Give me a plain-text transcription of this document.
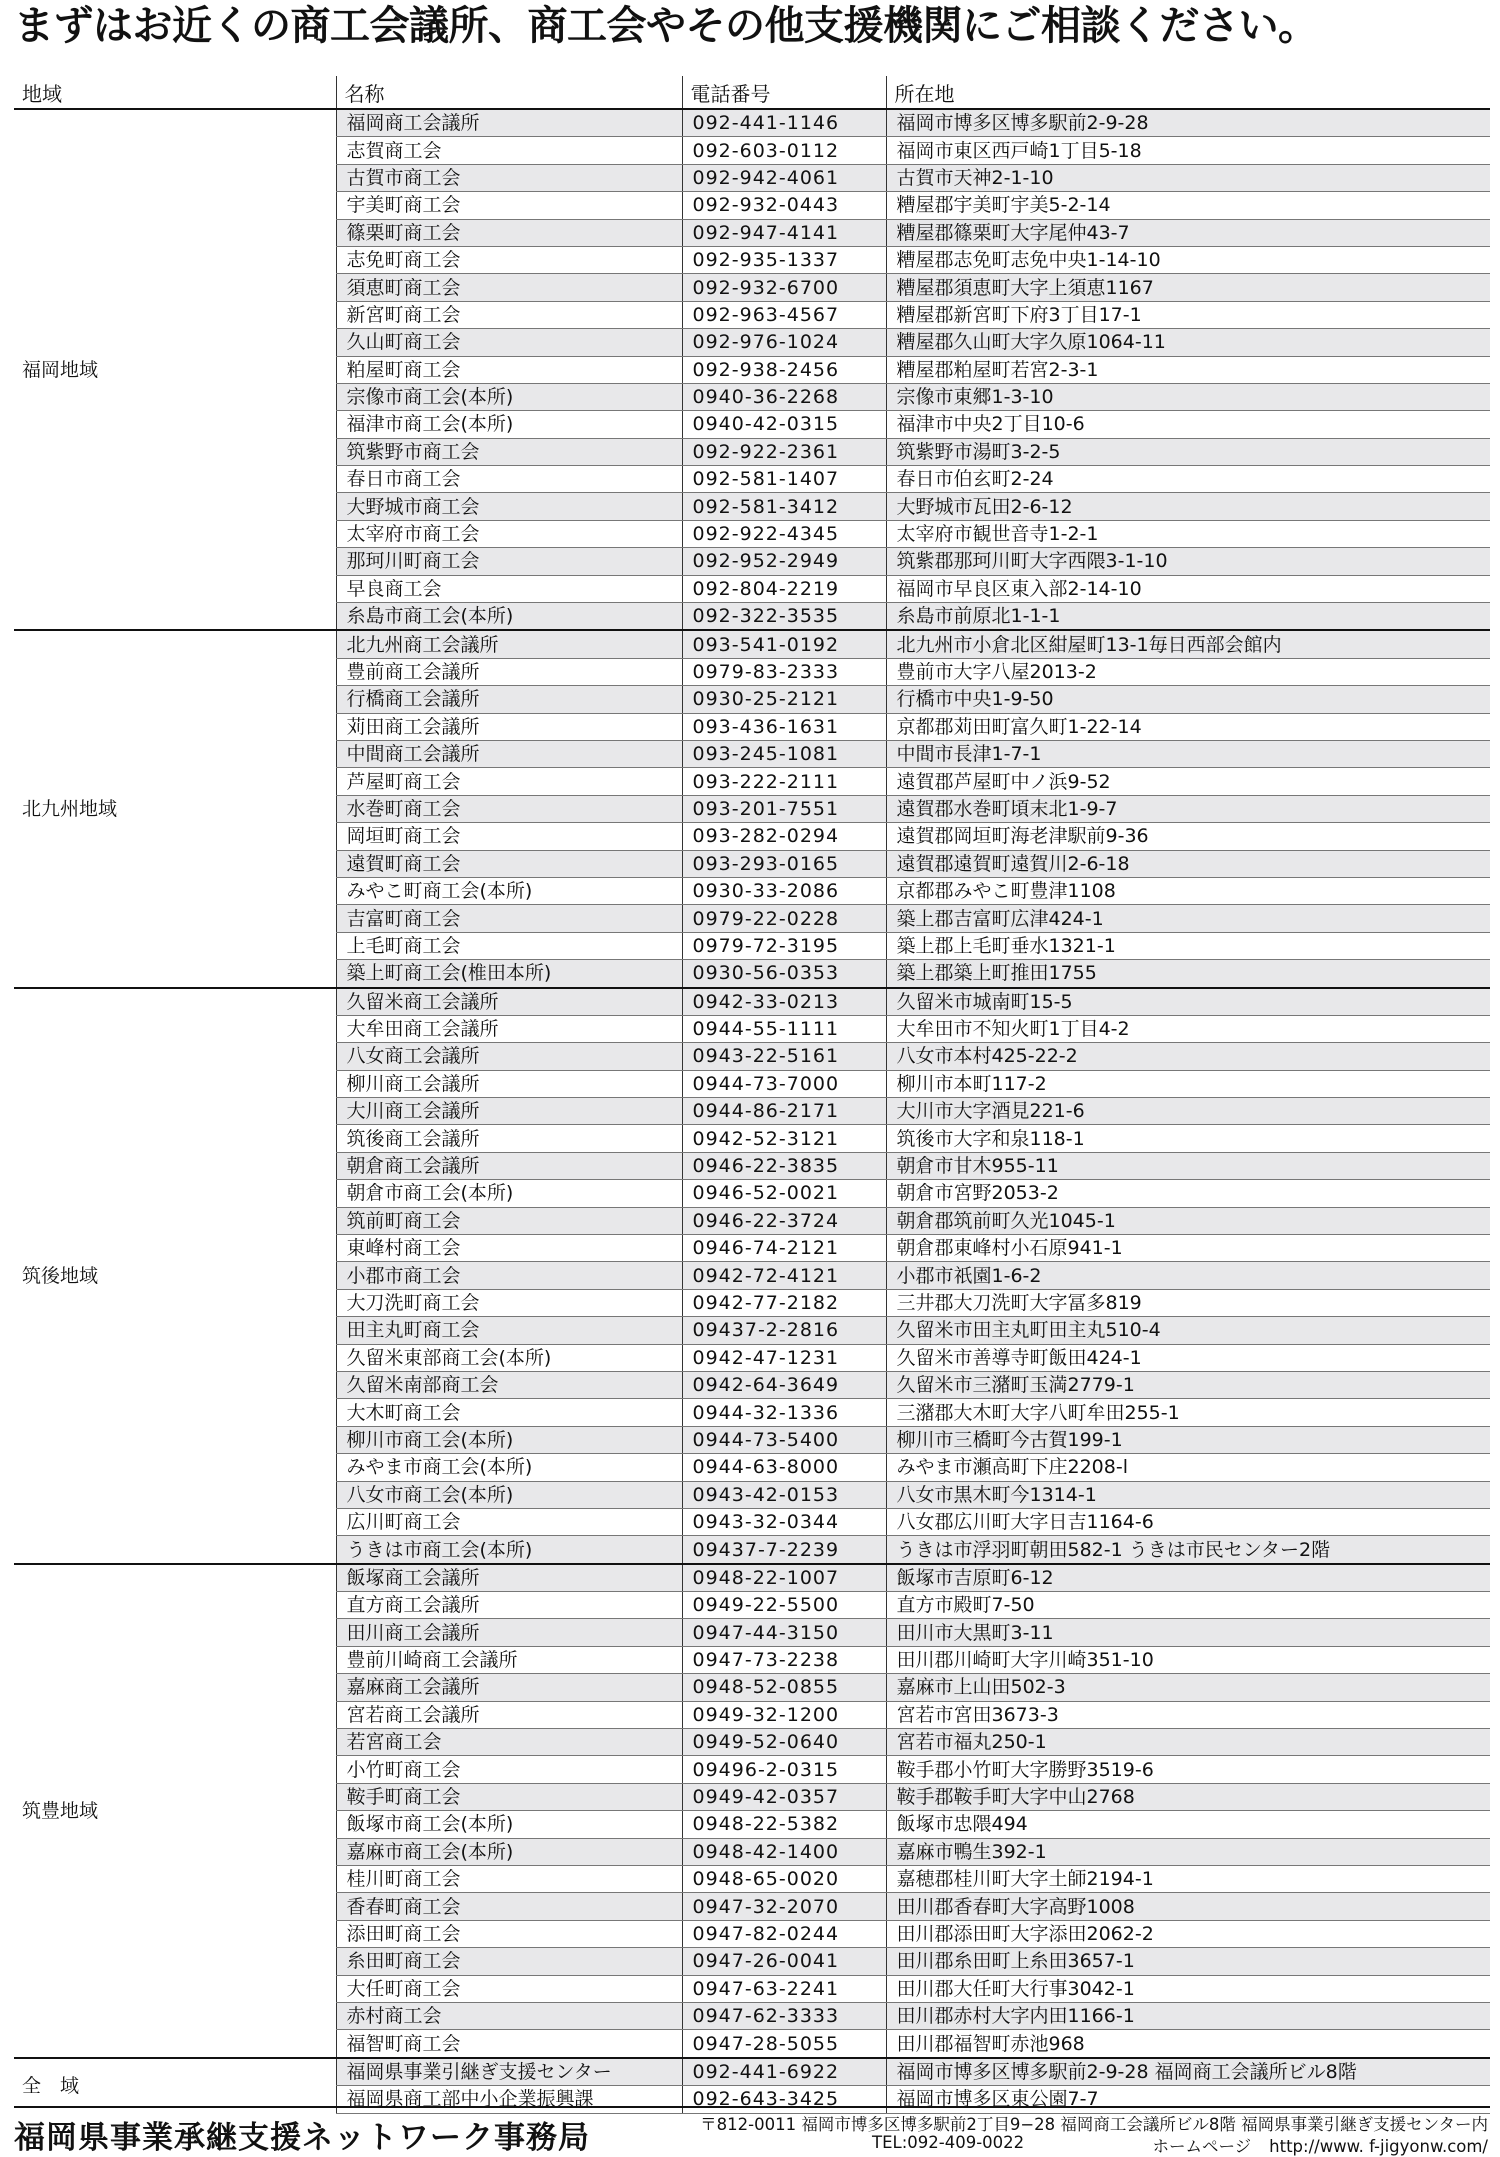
まずはお近くの商工会議所、商工会やその他支援機関にご相談ください。
地域	名称	電話番号	所在地
福岡地域	福岡商工会議所	092-441-1146	福岡市博多区博多駅前2-9-28
	志賀商工会	092-603-0112	福岡市東区西戸崎1丁目5-18
	古賀市商工会	092-942-4061	古賀市天神2-1-10
	宇美町商工会	092-932-0443	糟屋郡宇美町宇美5-2-14
	篠栗町商工会	092-947-4141	糟屋郡篠栗町大字尾仲43-7
	志免町商工会	092-935-1337	糟屋郡志免町志免中央1-14-10
	須恵町商工会	092-932-6700	糟屋郡須恵町大字上須恵1167
	新宮町商工会	092-963-4567	糟屋郡新宮町下府3丁目17-1
	久山町商工会	092-976-1024	糟屋郡久山町大字久原1064-11
	粕屋町商工会	092-938-2456	糟屋郡粕屋町若宮2-3-1
	宗像市商工会(本所)	0940-36-2268	宗像市東郷1-3-10
	福津市商工会(本所)	0940-42-0315	福津市中央2丁目10-6
	筑紫野市商工会	092-922-2361	筑紫野市湯町3-2-5
	春日市商工会	092-581-1407	春日市伯玄町2-24
	大野城市商工会	092-581-3412	大野城市瓦田2-6-12
	太宰府市商工会	092-922-4345	太宰府市観世音寺1-2-1
	那珂川町商工会	092-952-2949	筑紫郡那珂川町大字西隈3-1-10
	早良商工会	092-804-2219	福岡市早良区東入部2-14-10
	糸島市商工会(本所)	092-322-3535	糸島市前原北1-1-1
北九州地域	北九州商工会議所	093-541-0192	北九州市小倉北区紺屋町13-1毎日西部会館内
	豊前商工会議所	0979-83-2333	豊前市大字八屋2013-2
	行橋商工会議所	0930-25-2121	行橋市中央1-9-50
	苅田商工会議所	093-436-1631	京都郡苅田町富久町1-22-14
	中間商工会議所	093-245-1081	中間市長津1-7-1
	芦屋町商工会	093-222-2111	遠賀郡芦屋町中ノ浜9-52
	水巻町商工会	093-201-7551	遠賀郡水巻町頃末北1-9-7
	岡垣町商工会	093-282-0294	遠賀郡岡垣町海老津駅前9-36
	遠賀町商工会	093-293-0165	遠賀郡遠賀町遠賀川2-6-18
	みやこ町商工会(本所)	0930-33-2086	京都郡みやこ町豊津1108
	吉富町商工会	0979-22-0228	築上郡吉富町広津424-1
	上毛町商工会	0979-72-3195	築上郡上毛町垂水1321-1
	築上町商工会(椎田本所)	0930-56-0353	築上郡築上町推田1755
筑後地域	久留米商工会議所	0942-33-0213	久留米市城南町15-5
	大牟田商工会議所	0944-55-1111	大牟田市不知火町1丁目4-2
	八女商工会議所	0943-22-5161	八女市本村425-22-2
	柳川商工会議所	0944-73-7000	柳川市本町117-2
	大川商工会議所	0944-86-2171	大川市大字酒見221-6
	筑後商工会議所	0942-52-3121	筑後市大字和泉118-1
	朝倉商工会議所	0946-22-3835	朝倉市甘木955-11
	朝倉市商工会(本所)	0946-52-0021	朝倉市宮野2053-2
	筑前町商工会	0946-22-3724	朝倉郡筑前町久光1045-1
	東峰村商工会	0946-74-2121	朝倉郡東峰村小石原941-1
	小郡市商工会	0942-72-4121	小郡市祇園1-6-2
	大刀洗町商工会	0942-77-2182	三井郡大刀洗町大字冨多819
	田主丸町商工会	09437-2-2816	久留米市田主丸町田主丸510-4
	久留米東部商工会(本所)	0942-47-1231	久留米市善導寺町飯田424-1
	久留米南部商工会	0942-64-3649	久留米市三潴町玉満2779-1
	大木町商工会	0944-32-1336	三潴郡大木町大字八町牟田255-1
	柳川市商工会(本所)	0944-73-5400	柳川市三橋町今古賀199-1
	みやま市商工会(本所)	0944-63-8000	みやま市瀬高町下庄2208-l
	八女市商工会(本所)	0943-42-0153	八女市黒木町今1314-1
	広川町商工会	0943-32-0344	八女郡広川町大字日吉1164-6
	うきは市商工会(本所)	09437-7-2239	うきは市浮羽町朝田582-1 うきは市民センター2階
筑豊地域	飯塚商工会議所	0948-22-1007	飯塚市吉原町6-12
	直方商工会議所	0949-22-5500	直方市殿町7-50
	田川商工会議所	0947-44-3150	田川市大黒町3-11
	豊前川崎商工会議所	0947-73-2238	田川郡川崎町大字川崎351-10
	嘉麻商工会議所	0948-52-0855	嘉麻市上山田502-3
	宮若商工会議所	0949-32-1200	宮若市宮田3673-3
	若宮商工会	0949-52-0640	宮若市福丸250-1
	小竹町商工会	09496-2-0315	鞍手郡小竹町大字勝野3519-6
	鞍手町商工会	0949-42-0357	鞍手郡鞍手町大字中山2768
	飯塚市商工会(本所)	0948-22-5382	飯塚市忠隈494
	嘉麻市商工会(本所)	0948-42-1400	嘉麻市鴨生392-1
	桂川町商工会	0948-65-0020	嘉穂郡桂川町大字土師2194-1
	香春町商工会	0947-32-2070	田川郡香春町大字高野1008
	添田町商工会	0947-82-0244	田川郡添田町大字添田2062-2
	糸田町商工会	0947-26-0041	田川郡糸田町上糸田3657-1
	大任町商工会	0947-63-2241	田川郡大任町大行事3042-1
	赤村商工会	0947-62-3333	田川郡赤村大字内田1166-1
	福智町商工会	0947-28-5055	田川郡福智町赤池968
全　域	福岡県事業引継ぎ支援センター	092-441-6922	福岡市博多区博多駅前2-9-28 福岡商工会議所ビル8階
	福岡県商工部中小企業振興課	092-643-3425	福岡市博多区東公園7-7
福岡県事業承継支援ネットワーク事務局	〒812-0011 福岡市博多区博多駅前2丁目9−28 福岡商工会議所ビル8階 福岡県事業引継ぎ支援センター内
TEL:092-409-0022	ホームページ http://www. f-jigyonw.com/
